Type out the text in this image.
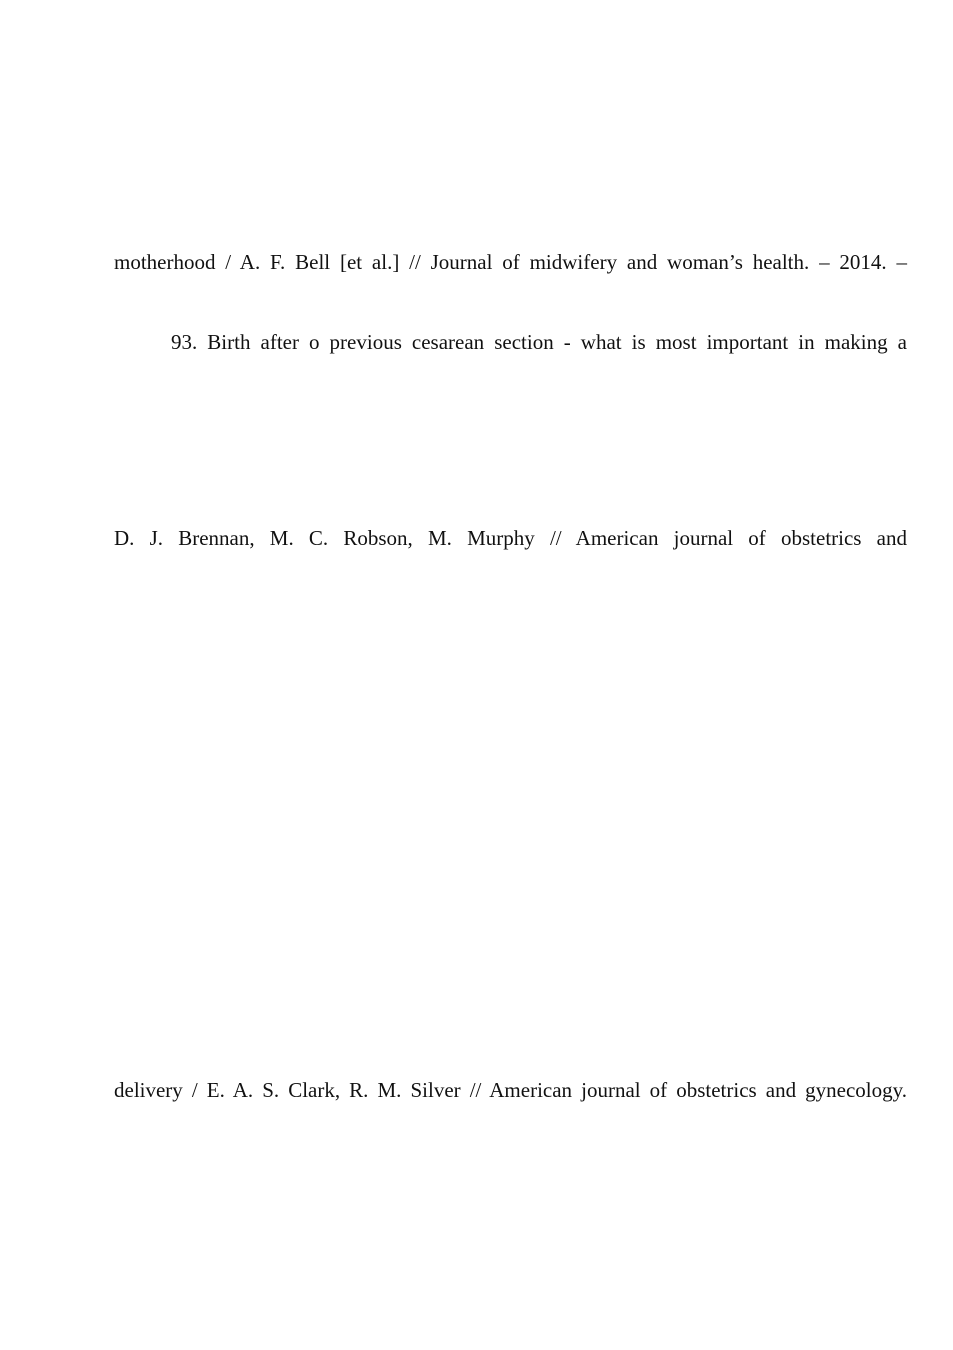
motherhood / A. F. Bell [et al.] // Journal of midwifery and woman’s health. – 2014. –
93. Birth after o previous cesarean section - what is most important in making a
D. J. Brennan, M. C. Robson, M. Murphy // American journal of obstetrics and
delivery / E. A. S. Clark, R. M. Silver // American journal of obstetrics and gynecology.
